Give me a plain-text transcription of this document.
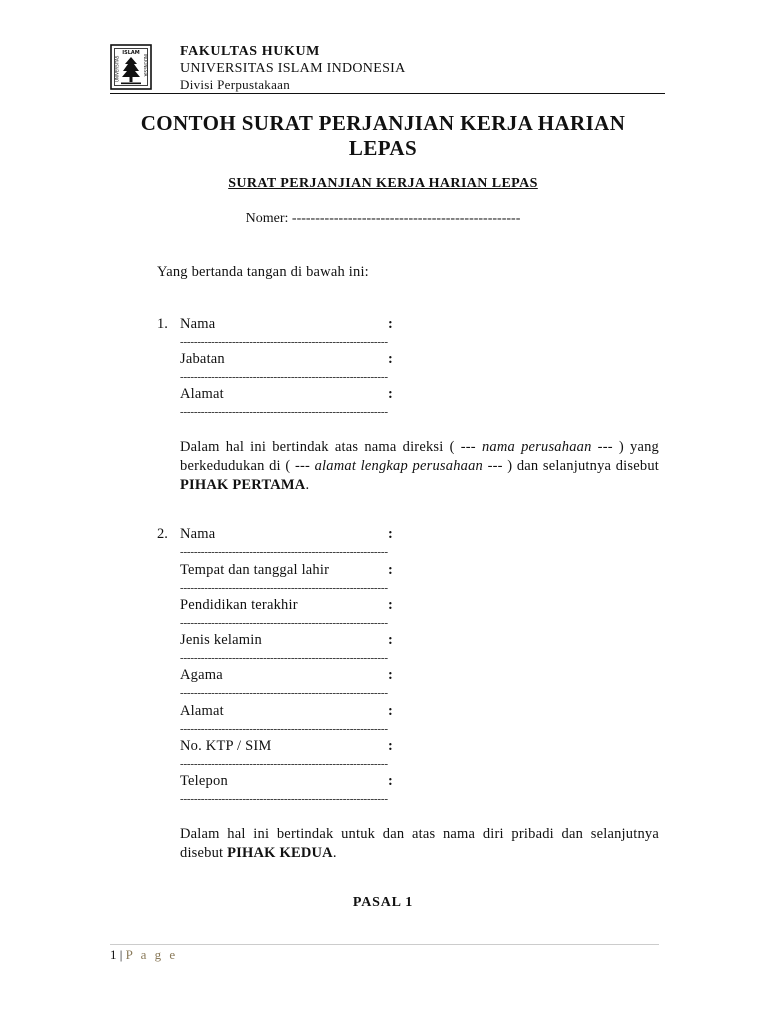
ISLAM
UNIVERSITAS	INDONESIA
FAKULTAS HUKUM
UNIVERSITAS ISLAM INDONESIA
Divisi Perpustakaan
CONTOH SURAT PERJANJIAN KERJA HARIAN
LEPAS
SURAT PERJANJIAN KERJA HARIAN LEPAS
Nomer: -------------------------------------------------
Yang bertanda tangan di bawah ini:
1. Nama	:
------------------------------------------------------------
Jabatan	:
------------------------------------------------------------
Alamat	:
------------------------------------------------------------
Dalam hal ini bertindak atas nama direksi ( --- nama perusahaan --- ) yang berkedudukan di ( --- alamat lengkap perusahaan --- ) dan selanjutnya disebut PIHAK PERTAMA.
2. Nama	:
------------------------------------------------------------
Tempat dan tanggal lahir	:
------------------------------------------------------------
Pendidikan terakhir	:
------------------------------------------------------------
Jenis kelamin	:
------------------------------------------------------------
Agama	:
------------------------------------------------------------
Alamat	:
------------------------------------------------------------
No. KTP / SIM	:
------------------------------------------------------------
Telepon	:
------------------------------------------------------------
Dalam hal ini bertindak untuk dan atas nama diri pribadi dan selanjutnya disebut PIHAK KEDUA.
PASAL 1
1 | P a g e
